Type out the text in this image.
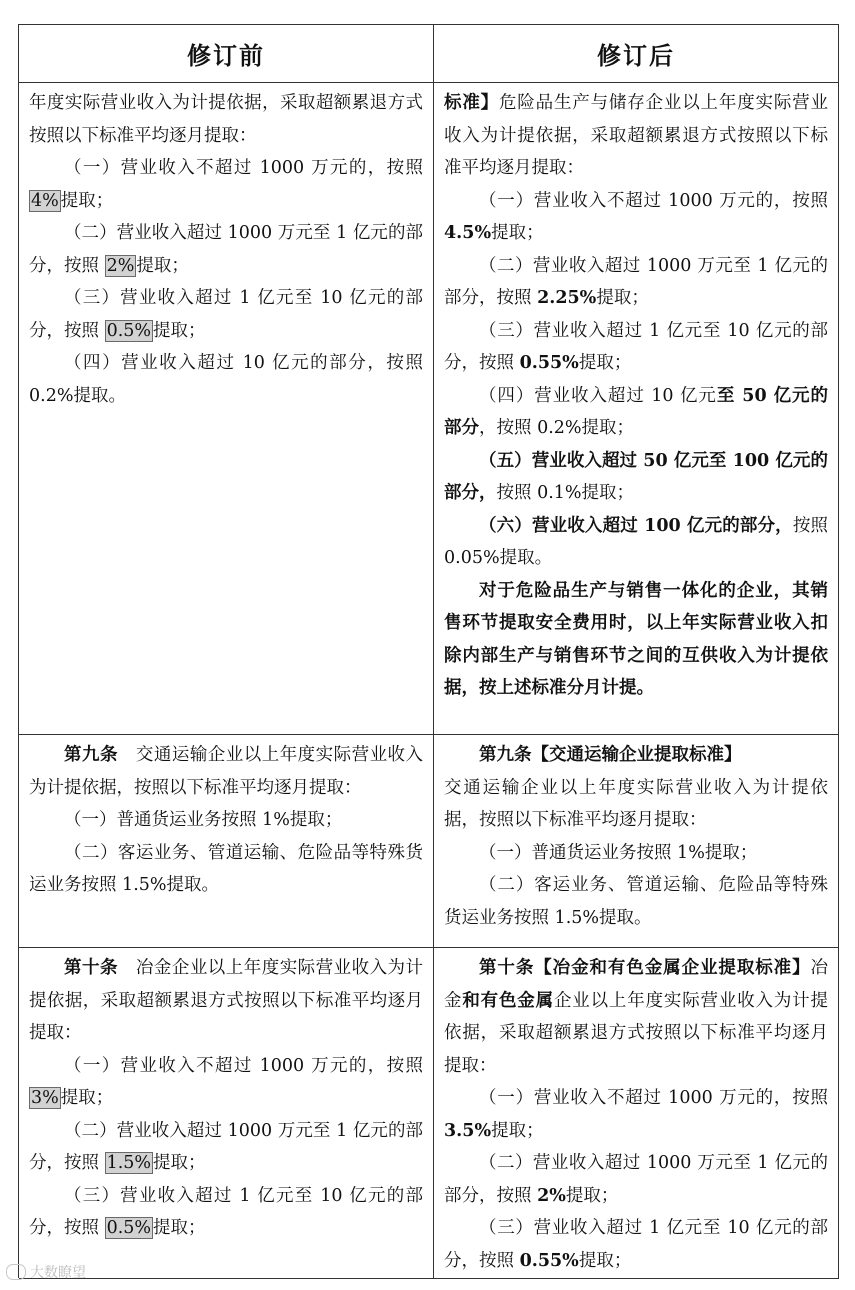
修订前	修订后

年度实际营业收入为计提依据，采取超额累退方式按照以下标准平均逐月提取：

（一）营业收入不超过 1000 万元的，按照 4% 提取；

（二）营业收入超过 1000 万元至 1 亿元的部分，按照 2% 提取；

（三）营业收入超过 1 亿元至 10 亿元的部分，按照 0.5% 提取；

（四）营业收入超过 10 亿元的部分，按照 0.2%提取。

标准】危险品生产与储存企业以上年度实际营业收入为计提依据，采取超额累退方式按照以下标准平均逐月提取：

（一）营业收入不超过 1000 万元的，按照 4.5%提取；

（二）营业收入超过 1000 万元至 1 亿元的部分，按照 2.25%提取；

（三）营业收入超过 1 亿元至 10 亿元的部分，按照 0.55%提取；

（四）营业收入超过 10 亿元至 50 亿元的部分，按照 0.2%提取；

（五）营业收入超过 50 亿元至 100 亿元的部分，按照 0.1%提取；

（六）营业收入超过 100 亿元的部分，按照 0.05%提取。

对于危险品生产与销售一体化的企业，其销售环节提取安全费用时，以上年实际营业收入扣除内部生产与销售环节之间的互供收入为计提依据，按上述标准分月计提。

第九条　 交通运输企业以上年度实际营业收入为计提依据，按照以下标准平均逐月提取：

（一）普通货运业务按照 1%提取；

（二）客运业务、管道运输、危险品等特殊货运业务按照 1.5%提取。

第九条【交通运输企业提取标准】

交通运输企业以上年度实际营业收入为计提依据，按照以下标准平均逐月提取：

（一）普通货运业务按照 1%提取；

（二）客运业务、管道运输、危险品等特殊货运业务按照 1.5%提取。

第十条　 冶金企业以上年度实际营业收入为计提依据，采取超额累退方式按照以下标准平均逐月提取：

（一）营业收入不超过 1000 万元的，按照 3% 提取；

（二）营业收入超过 1000 万元至 1 亿元的部分，按照 1.5% 提取；

（三）营业收入超过 1 亿元至 10 亿元的部分，按照 0.5% 提取；

第十条【冶金和有色金属企业提取标准】冶金和有色金属企业以上年度实际营业收入为计提依据，采取超额累退方式按照以下标准平均逐月提取：

（一）营业收入不超过 1000 万元的，按照 3.5%提取；

（二）营业收入超过 1000 万元至 1 亿元的部分，按照 2%提取；

（三）营业收入超过 1 亿元至 10 亿元的部分，按照 0.55%提取；

大数瞭望
